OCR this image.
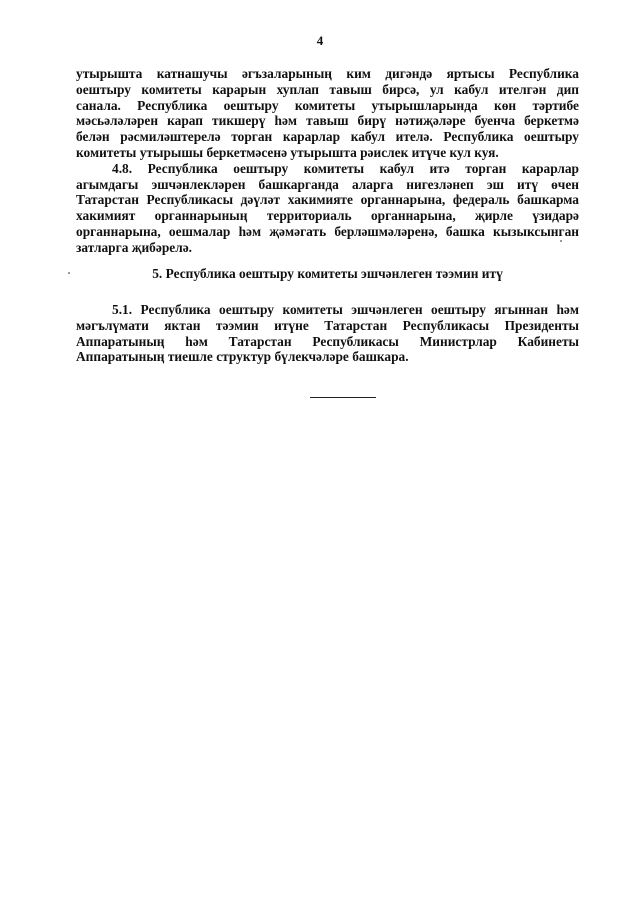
4
утырышта катнашучы әгъзаларының ким дигәндә яртысы Республика
оештыру комитеты карарын хуплап тавыш бирсә, ул кабул ителгән дип
санала. Республика оештыру комитеты утырышларында көн тәртибе
мәсьәләләрен карап тикшерү һәм тавыш бирү нәтиҗәләре буенча беркетмә
белән рәсмиләштерелә торган карарлар кабул ителә. Республика оештыру
комитеты утырышы беркетмәсенә утырышта рәислек итүче кул куя.
4.8. Республика оештыру комитеты кабул итә торган карарлар
агымдагы эшчәнлекләрен башкарганда аларга нигезләнеп эш итү өчен
Татарстан Республикасы дәүләт хакимияте органнарына, федераль башкарма
хакимият органнарының территориаль органнарына, җирле үзидарә
органнарына, оешмалар һәм җәмәгать берләшмәләренә, башка кызыксынган
затларга җибәрелә.
5. Республика оештыру комитеты эшчәнлеген тәэмин итү
5.1. Республика оештыру комитеты эшчәнлеген оештыру ягыннан һәм
мәгълүмати яктан тәэмин итүне Татарстан Республикасы Президенты
Аппаратының һәм Татарстан Республикасы Министрлар Кабинеты
Аппаратының тиешле структур бүлекчәләре башкара.
